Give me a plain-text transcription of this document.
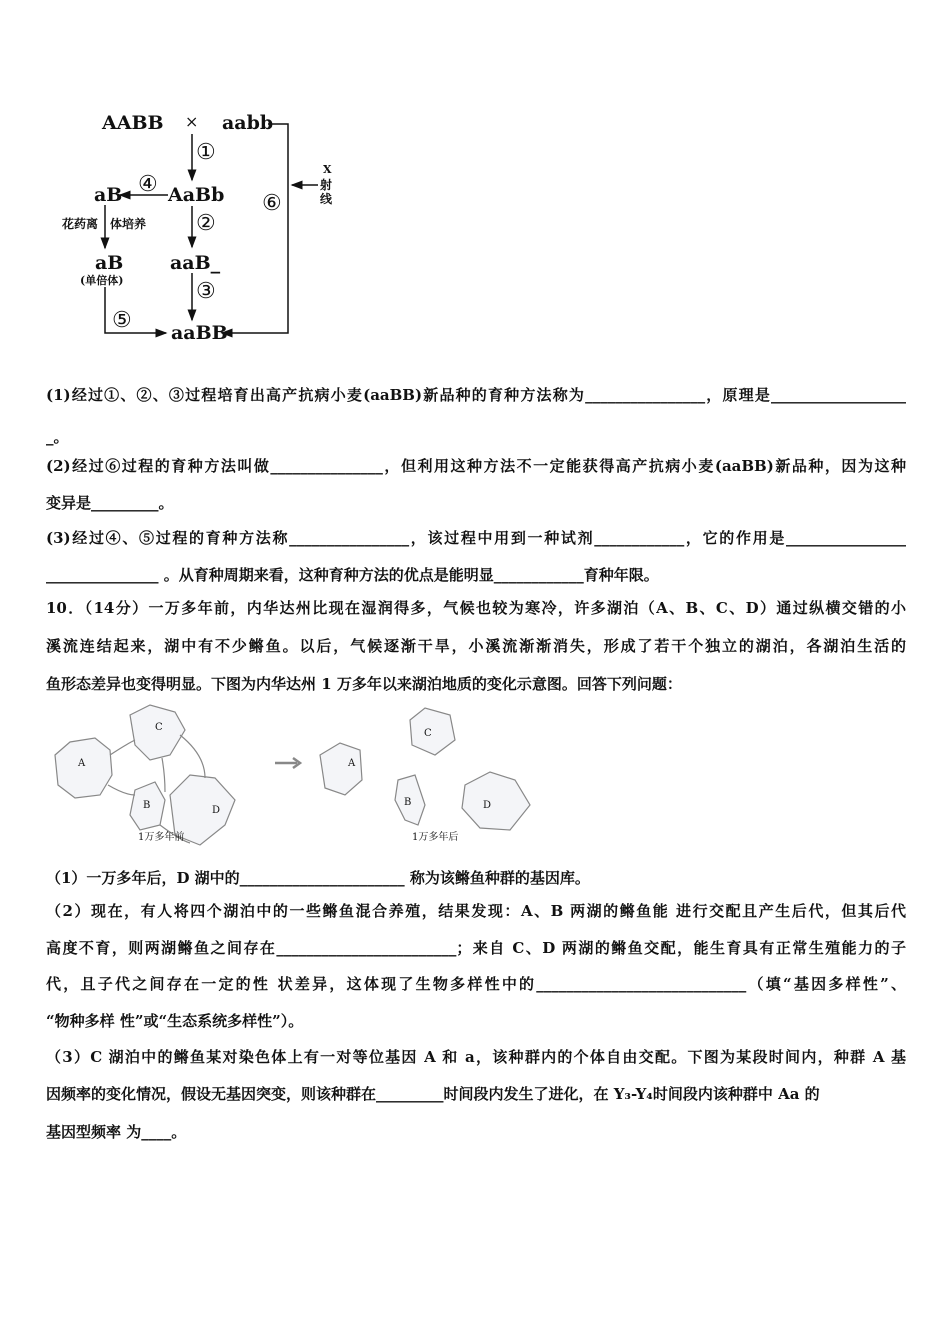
AABB × aabb
①
AaBb
④
aB
花药离 体培养 ②
aB
(单倍体)
aaB_
③
⑤ aaBB
⑥
X
射
线
(1)经过①、②、③过程培育出高产抗病小麦(aaBB)新品种的育种方法称为________________，原理是__________________
_。
(2)经过⑥过程的育种方法叫做_______________，但利用这种方法不一定能获得高产抗病小麦(aaBB)新品种，因为这种
变异是_________。
(3)经过④、⑤过程的育种方法称________________，该过程中用到一种试剂____________，它的作用是________________
_______________ 。从育种周期来看，这种育种方法的优点是能明显____________育种年限。
10．（14分）一万多年前，内华达州比现在湿润得多，气候也较为寒冷，许多湖泊（A、B、C、D）通过纵横交错的小
溪流连结起来，湖中有不少鳉鱼。以后，气候逐渐干旱，小溪流渐渐消失，形成了若干个独立的湖泊，各湖泊生活的
鱼形态差异也变得明显。下图为内华达州 1 万多年以来湖泊地质的变化示意图。回答下列问题：
A
B
C
D
A
B
C
D
1万多年前	1万多年后
（1）一万多年后，D 湖中的______________________ 称为该鳉鱼种群的基因库。
（2）现在，有人将四个湖泊中的一些鳉鱼混合养殖，结果发现：A、B 两湖的鳉鱼能 进行交配且产生后代，但其后代
高度不育，则两湖鳉鱼之间存在________________________；来自 C、D 两湖的鳉鱼交配，能生育具有正常生殖能力的子
代，且子代之间存在一定的性 状差异，这体现了生物多样性中的____________________________（填“基因多样性”、
“物种多样 性”或“生态系统多样性”）。
（3）C 湖泊中的鳉鱼某对染色体上有一对等位基因 A 和 a，该种群内的个体自由交配。下图为某段时间内，种群 A 基
因频率的变化情况，假设无基因突变，则该种群在_________时间段内发生了进化，在 Y₃-Y₄时间段内该种群中 Aa 的
基因型频率 为____。
